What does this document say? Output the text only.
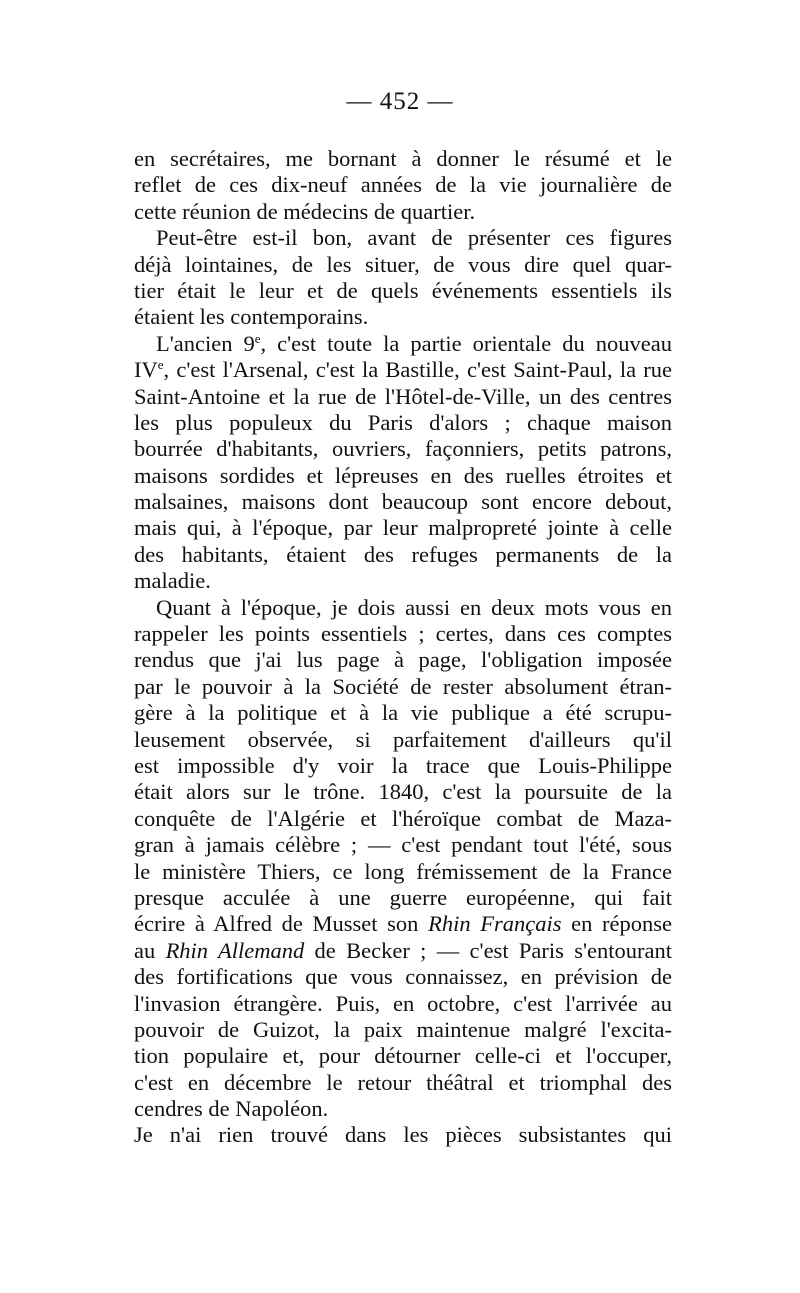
— 452 —
en secrétaires, me bornant à donner le résumé et le
reflet de ces dix-neuf années de la vie journalière de
cette réunion de médecins de quartier.
Peut-être est-il bon, avant de présenter ces figures
déjà lointaines, de les situer, de vous dire quel quar-
tier était le leur et de quels événements essentiels ils
étaient les contemporains.
L'ancien 9e, c'est toute la partie orientale du nouveau
IVe, c'est l'Arsenal, c'est la Bastille, c'est Saint-Paul, la rue
Saint-Antoine et la rue de l'Hôtel-de-Ville, un des centres
les plus populeux du Paris d'alors ; chaque maison
bourrée d'habitants, ouvriers, façonniers, petits patrons,
maisons sordides et lépreuses en des ruelles étroites et
malsaines, maisons dont beaucoup sont encore debout,
mais qui, à l'époque, par leur malpropreté jointe à celle
des habitants, étaient des refuges permanents de la
maladie.
Quant à l'époque, je dois aussi en deux mots vous en
rappeler les points essentiels ; certes, dans ces comptes
rendus que j'ai lus page à page, l'obligation imposée
par le pouvoir à la Société de rester absolument étran-
gère à la politique et à la vie publique a été scrupu-
leusement observée, si parfaitement d'ailleurs qu'il
est impossible d'y voir la trace que Louis-Philippe
était alors sur le trône. 1840, c'est la poursuite de la
conquête de l'Algérie et l'héroïque combat de Maza-
gran à jamais célèbre ; — c'est pendant tout l'été, sous
le ministère Thiers, ce long frémissement de la France
presque acculée à une guerre européenne, qui fait
écrire à Alfred de Musset son Rhin Français en réponse
au Rhin Allemand de Becker ; — c'est Paris s'entourant
des fortifications que vous connaissez, en prévision de
l'invasion étrangère. Puis, en octobre, c'est l'arrivée au
pouvoir de Guizot, la paix maintenue malgré l'excita-
tion populaire et, pour détourner celle-ci et l'occuper,
c'est en décembre le retour théâtral et triomphal des
cendres de Napoléon.
Je n'ai rien trouvé dans les pièces subsistantes qui
